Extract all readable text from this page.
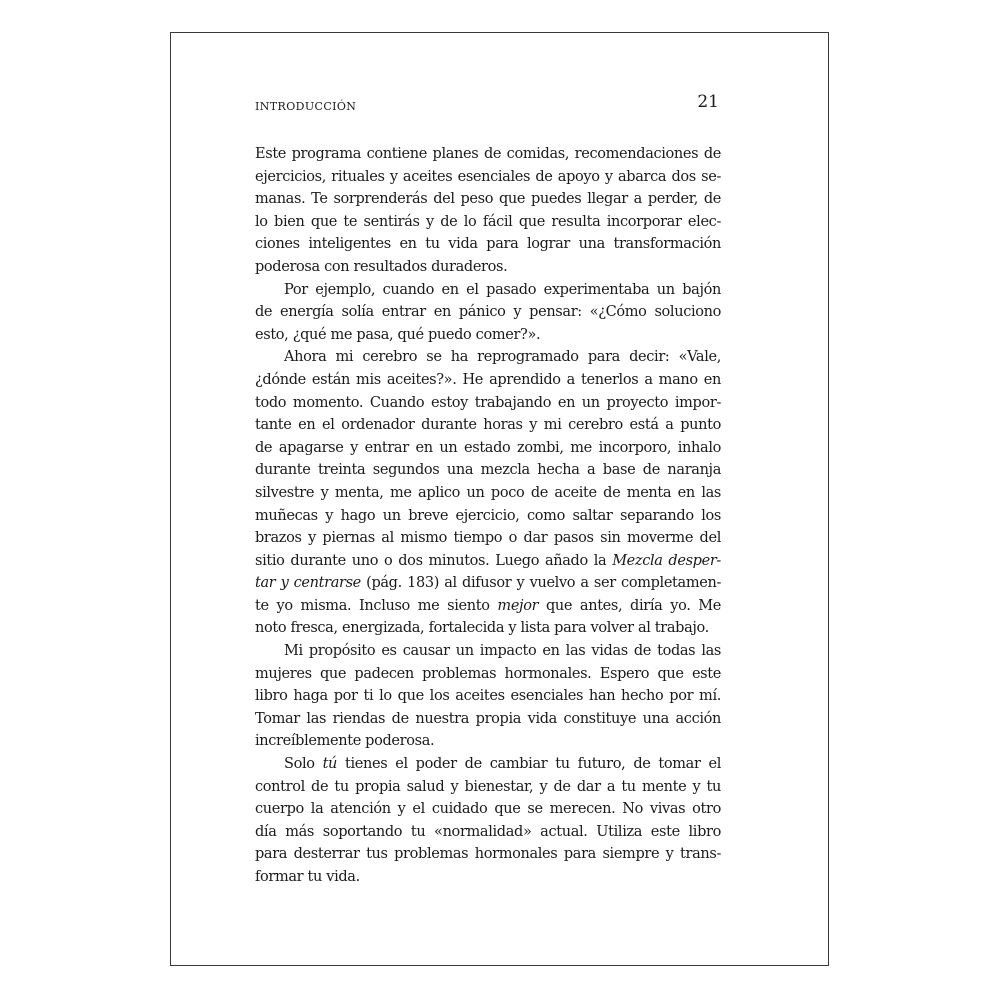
INTRODUCCIÓN	21
Este programa contiene planes de comidas, recomendaciones de
ejercicios, rituales y aceites esenciales de apoyo y abarca dos se-
manas. Te sorprenderás del peso que puedes llegar a perder, de
lo bien que te sentirás y de lo fácil que resulta incorporar elec-
ciones inteligentes en tu vida para lograr una transformación
poderosa con resultados duraderos.
Por ejemplo, cuando en el pasado experimentaba un bajón
de energía solía entrar en pánico y pensar: «¿Cómo soluciono
esto, ¿qué me pasa, qué puedo comer?».
Ahora mi cerebro se ha reprogramado para decir: «Vale,
¿dónde están mis aceites?». He aprendido a tenerlos a mano en
todo momento. Cuando estoy trabajando en un proyecto impor-
tante en el ordenador durante horas y mi cerebro está a punto
de apagarse y entrar en un estado zombi, me incorporo, inhalo
durante treinta segundos una mezcla hecha a base de naranja
silvestre y menta, me aplico un poco de aceite de menta en las
muñecas y hago un breve ejercicio, como saltar separando los
brazos y piernas al mismo tiempo o dar pasos sin moverme del
sitio durante uno o dos minutos. Luego añado la Mezcla desper-
tar y centrarse (pág. 183) al difusor y vuelvo a ser completamen-
te yo misma. Incluso me siento mejor que antes, diría yo. Me
noto fresca, energizada, fortalecida y lista para volver al trabajo.
Mi propósito es causar un impacto en las vidas de todas las
mujeres que padecen problemas hormonales. Espero que este
libro haga por ti lo que los aceites esenciales han hecho por mí.
Tomar las riendas de nuestra propia vida constituye una acción
increíblemente poderosa.
Solo tú tienes el poder de cambiar tu futuro, de tomar el
control de tu propia salud y bienestar, y de dar a tu mente y tu
cuerpo la atención y el cuidado que se merecen. No vivas otro
día más soportando tu «normalidad» actual. Utiliza este libro
para desterrar tus problemas hormonales para siempre y trans-
formar tu vida.
